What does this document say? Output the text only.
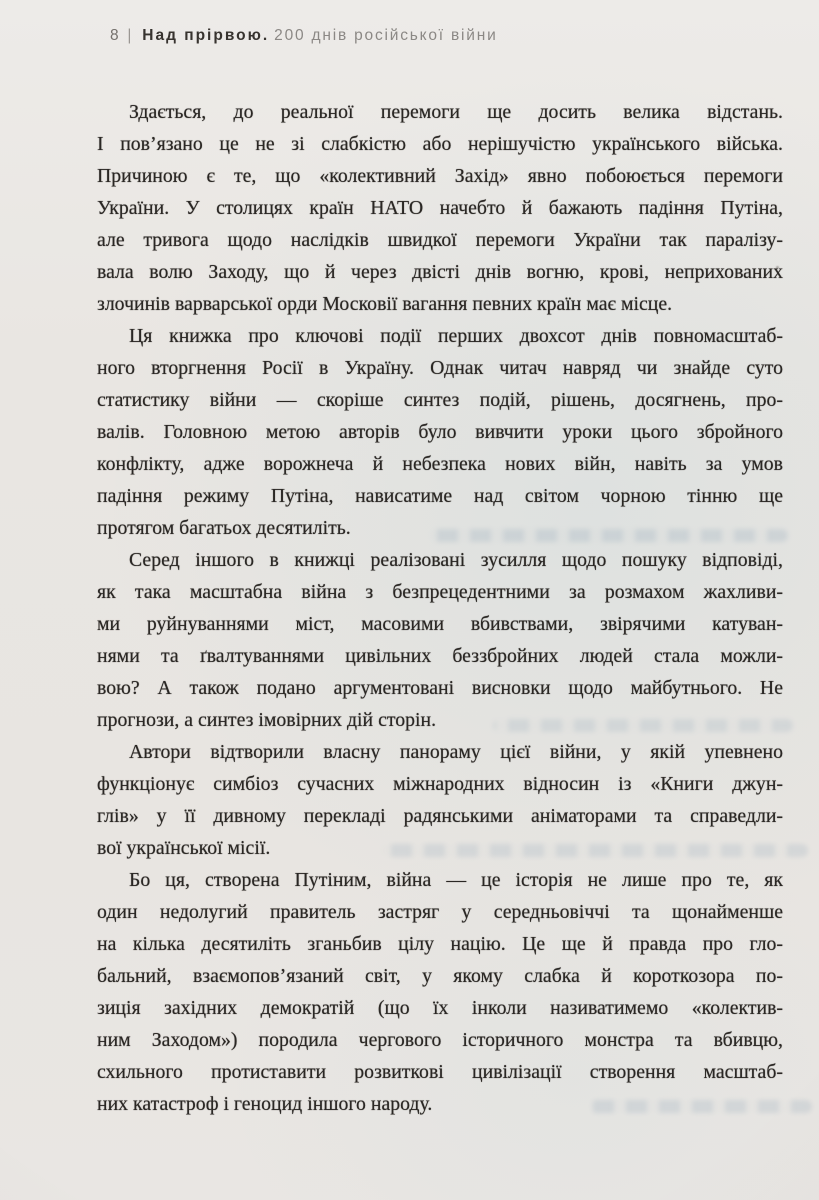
8 | Над прірвою. 200 днів російської війни
Здається, до реальної перемоги ще досить велика відстань.
І пов’язано це не зі слабкістю або нерішучістю українського війська.
Причиною є те, що «колективний Захід» явно побоюється перемоги
України. У столицях країн НАТО начебто й бажають падіння Путіна,
але тривога щодо наслідків швидкої перемоги України так паралізу-
вала волю Заходу, що й через двісті днів вогню, крові, неприхованих
злочинів варварської орди Московії вагання певних країн має місце.
Ця книжка про ключові події перших двохсот днів повномасштаб-
ного вторгнення Росії в Україну. Однак читач навряд чи знайде суто
статистику війни — скоріше синтез подій, рішень, досягнень, про-
валів. Головною метою авторів було вивчити уроки цього збройного
конфлікту, адже ворожнеча й небезпека нових війн, навіть за умов
падіння режиму Путіна, нависатиме над світом чорною тінню ще
протягом багатьох десятиліть.
Серед іншого в книжці реалізовані зусилля щодо пошуку відповіді,
як така масштабна війна з безпрецедентними за розмахом жахливи-
ми руйнуваннями міст, масовими вбивствами, звірячими катуван-
нями та ґвалтуваннями цивільних беззбройних людей стала можли-
вою? А також подано аргументовані висновки щодо майбутнього. Не
прогнози, а синтез імовірних дій сторін.
Автори відтворили власну панораму цієї війни, у якій упевнено
функціонує симбіоз сучасних міжнародних відносин із «Книги джун-
глів» у її дивному перекладі радянськими аніматорами та справедли-
вої української місії.
Бо ця, створена Путіним, війна — це історія не лише про те, як
один недолугий правитель застряг у середньовіччі та щонайменше
на кілька десятиліть зганьбив цілу націю. Це ще й правда про гло-
бальний, взаємопов’язаний світ, у якому слабка й короткозора по-
зиція західних демократій (що їх інколи називатимемо «колектив-
ним Заходом») породила чергового історичного монстра та вбивцю,
схильного протиставити розвиткові цивілізації створення масштаб-
них катастроф і геноцид іншого народу.
